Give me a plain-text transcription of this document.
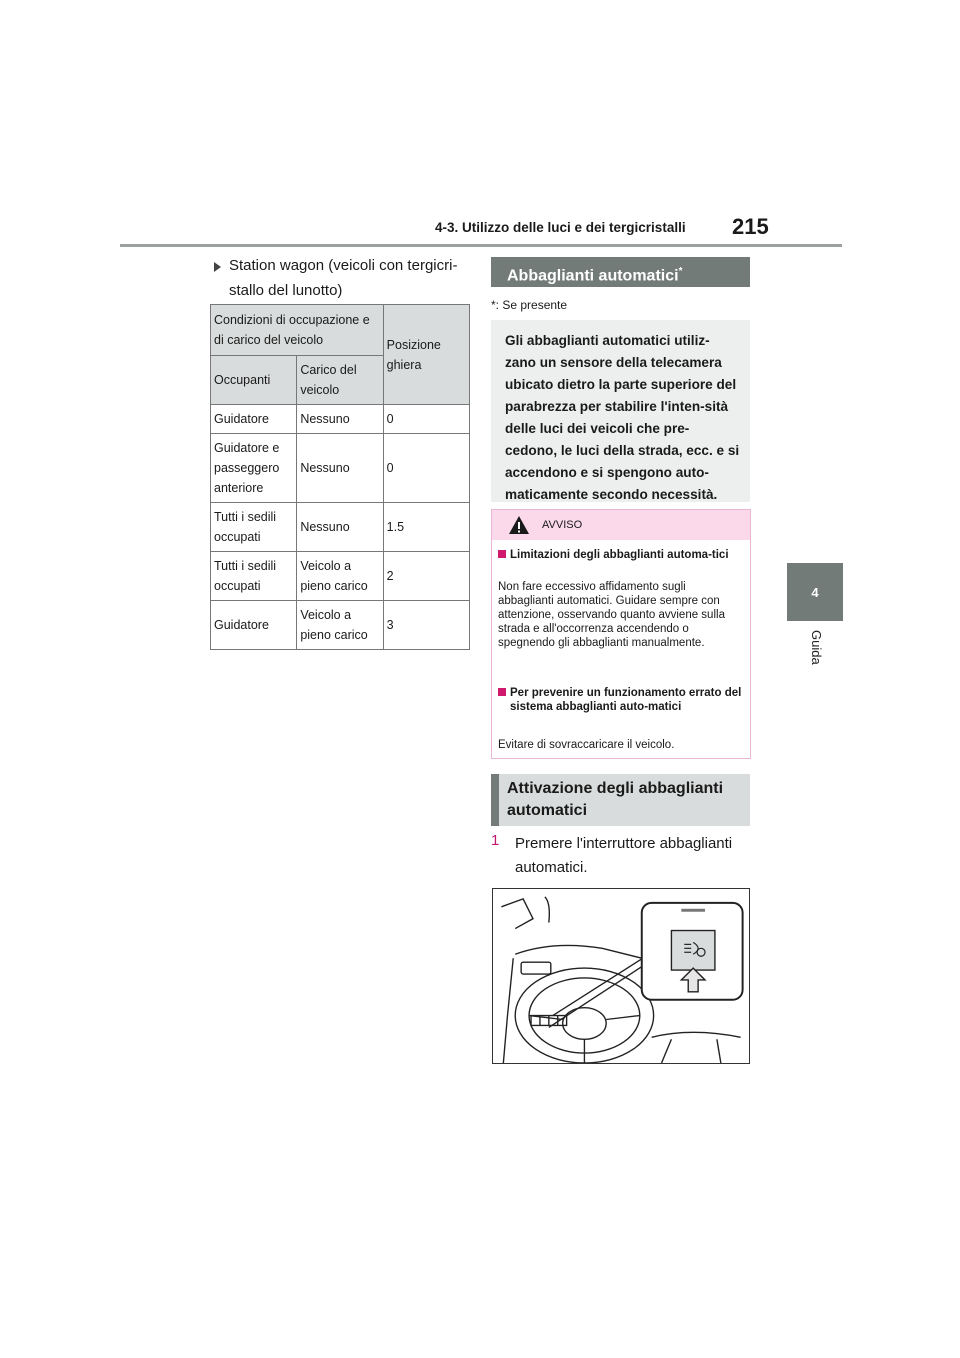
4-3. Utilizzo delle luci e dei tergicristalli 215
4
Guida
Station wagon (veicoli con tergicri-stallo del lunotto)
Condizioni di occupazione e di carico del veicolo		Posizione ghiera
Occupanti	Carico del veicolo	
Guidatore	Nessuno	0
Guidatore e passeggero anteriore	Nessuno	0
Tutti i sedili occupati	Nessuno	1.5
Tutti i sedili occupati	Veicolo a pieno carico	2
Guidatore	Veicolo a pieno carico	3
Abbaglianti automatici*
*: Se presente
Gli abbaglianti automatici utiliz-zano un sensore della telecamera ubicato dietro la parte superiore del parabrezza per stabilire l'inten-sità delle luci dei veicoli che pre-cedono, le luci della strada, ecc. e si accendono e si spengono auto-maticamente secondo necessità.
AVVISO
Limitazioni degli abbaglianti automa-tici
Non fare eccessivo affidamento sugli abbaglianti automatici. Guidare sempre con attenzione, osservando quanto avviene sulla strada e all'occorrenza accendendo o spegnendo gli abbaglianti manualmente.
Per prevenire un funzionamento errato del sistema abbaglianti auto-matici
Evitare di sovraccaricare il veicolo.
Attivazione degli abbaglianti automatici
1 Premere l'interruttore abbaglianti automatici.
